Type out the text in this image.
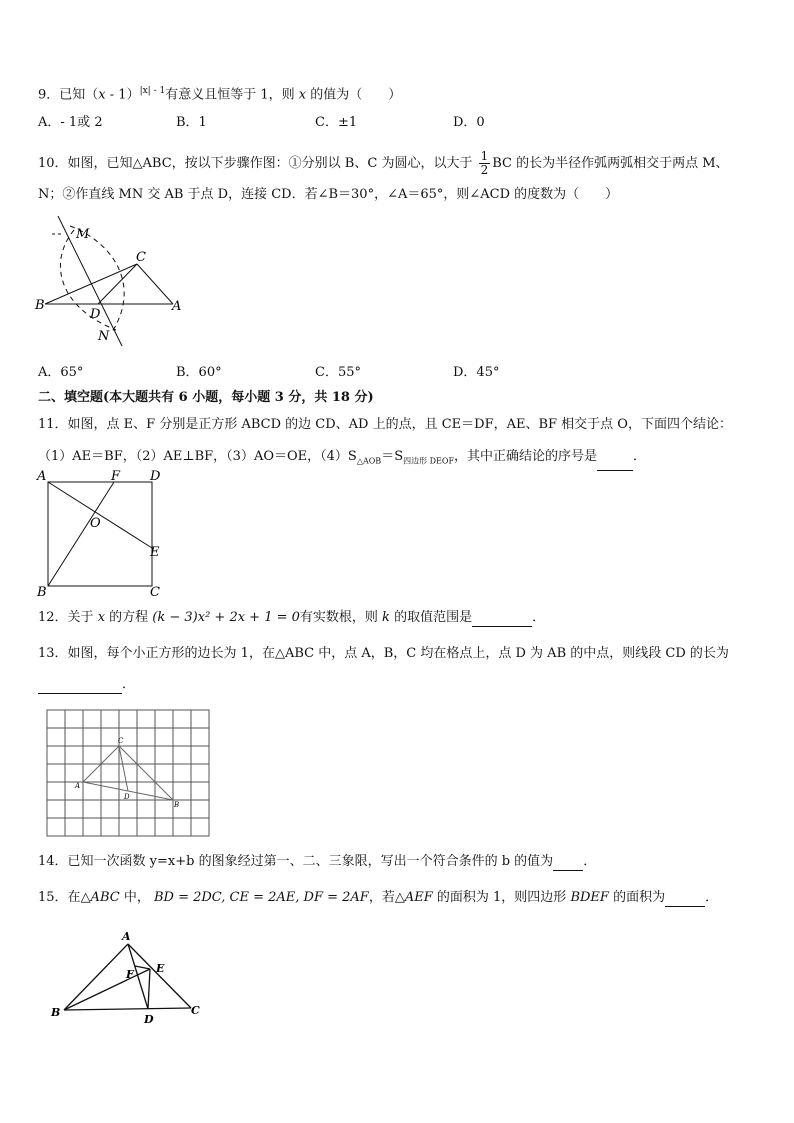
9．已知（x - 1）$^{|x| - 1}$有意义且恒等于 1，则 x 的值为（　　）
A．- 1或 2	B．1	C．±1	D．0
10．如图，已知△ABC，按以下步骤作图：①分别以 B、C 为圆心，以大于 $\frac{1}{2}$ BC 的长为半径作弧两弧相交于两点 M、
N；②作直线 MN 交 AB 于点 D，连接 CD．若∠B＝30°，∠A＝65°，则∠ACD 的度数为（　　）
M
C
B
D
A
N
A．65°	B．60°	C．55°	D．45°
二、填空题(本大题共有 6 小题，每小题 3 分，共 18 分)
11．如图，点 E、F 分别是正方形 ABCD 的边 CD、AD 上的点，且 CE＝DF，AE、BF 相交于点 O，下面四个结论：
（1）AE＝BF，（2）AE⊥BF，（3）AO＝OE，$(4)S_{\triangle AOB}=S_{四边形 DEOF}$，其中正确结论的序号是	．
A	F D
O
E
B	C
12．关于 x 的方程 (k − 3)x² + 2x + 1 = 0有实数根，则 k 的取值范围是	．
13．如图，每个小正方形的边长为 1，在△ABC 中，点 A，B，C 均在格点上，点 D 为 AB 的中点，则线段 CD 的长为
．
C
A
D
B
14．已知一次函数 y=x+b 的图象经过第一、二、三象限，写出一个符合条件的 b 的值为 ．
15．在△ABC 中， BD = 2DC, CE = 2AE, DF = 2AF，若△AEF 的面积为 1，则四边形 BDEF 的面积为	．
A
E
F
B
D
C
